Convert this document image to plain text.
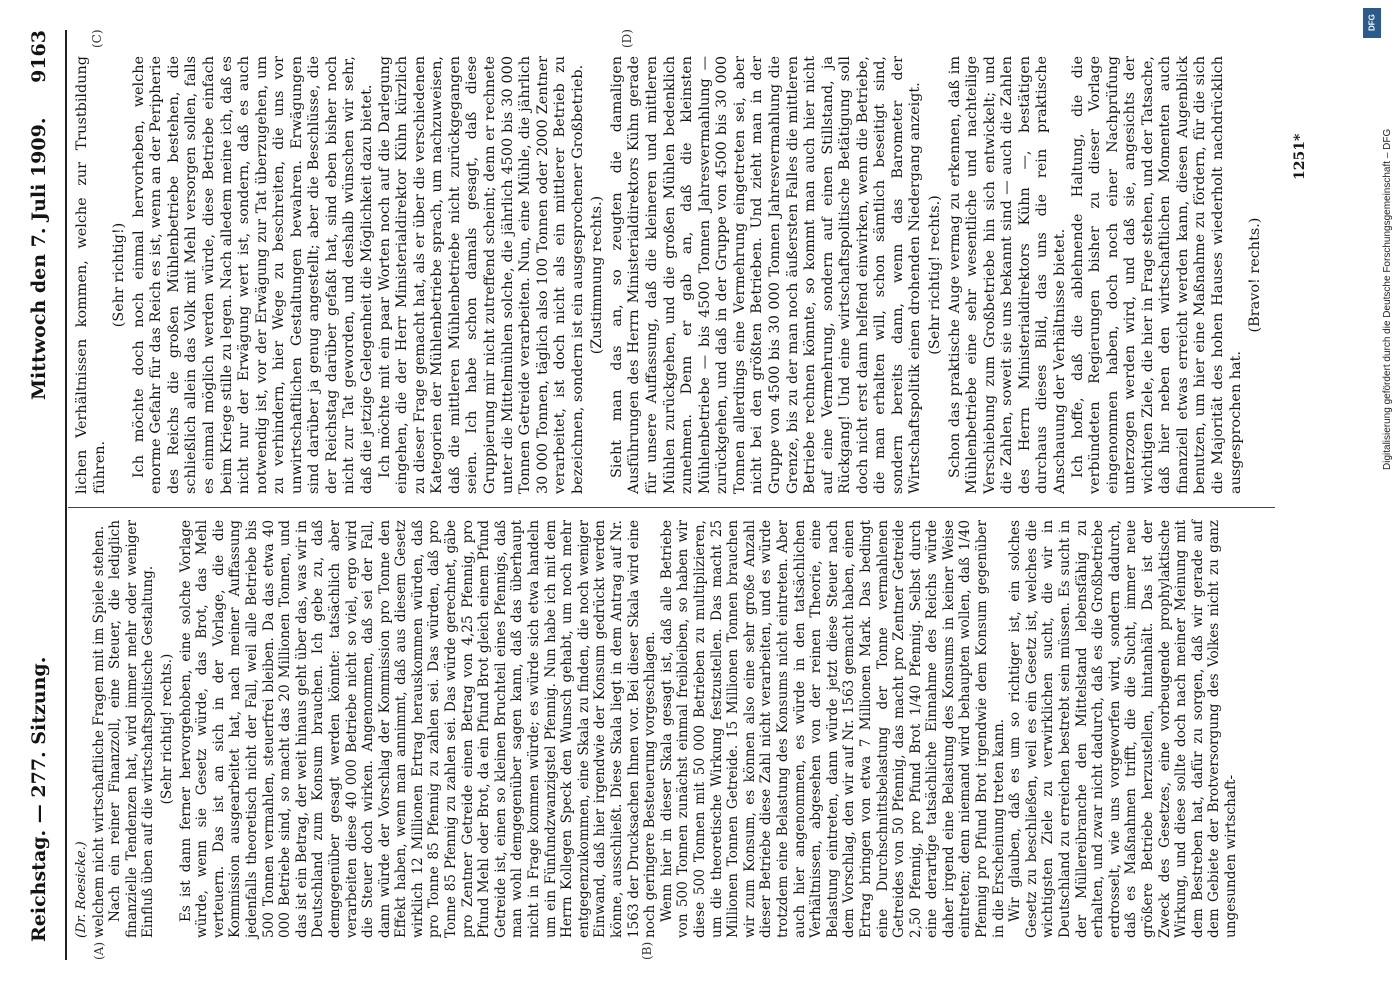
Reichstag. — 277. Sitzung.
Mittwoch den 7. Juli 1909.
9163
(A)	(B)
(C)	(D)

(Dr. Roesicke.) welchem nicht wirtschaftliche Fragen mit im Spiele stehen. Nach ein reiner Finanzzoll, eine Steuer, die lediglich finanzielle Tendenzen hat, wird immer mehr oder weniger Einfluß üben auf die wirtschaftspolitische Gestaltung. (Sehr richtig! rechts.) Es ist dann ferner hervorgehoben, eine solche Vorlage würde, wenn sie Gesetz würde, das Brot, das Mehl verteuern. Das ist an sich in der Vorlage, die die Kommission ausgearbeitet hat, nach meiner Auffassung jedenfalls theoretisch nicht der Fall, weil alle Betriebe bis 500 Tonnen vermahlen, steuerfrei bleiben. Da das etwa 40 000 Betriebe sind, so macht das 20 Millionen Tonnen, und das ist ein Betrag, der weit hinaus geht über das, was wir in Deutschland zum Konsum brauchen. Ich gebe zu, daß demgegenüber gesagt werden könnte: tatsächlich aber verarbeiten diese 40 000 Betriebe nicht so viel, ergo wird die Steuer doch wirken. Angenommen, daß sei der Fall, dann würde der Vorschlag der Kommission pro Tonne den Effekt haben, wenn man annimmt, daß aus diesem Gesetz wirklich 12 Millionen Ertrag herauskommen würden, daß pro Tonne 85 Pfennig zu zahlen sei. Das würden, daß pro Tonne 85 Pfennig zu zahlen sei. Das würde gerechnet, gäbe pro Zentner Getreide einen Betrag von 4,25 Pfennig, pro Pfund Mehl oder Brot, da ein Pfund Brot gleich einem Pfund Getreide ist, einen so kleinen Bruchteil eines Pfennigs, daß man wohl demgegenüber sagen kann, daß das überhaupt nicht in Frage kommen würde; es würde sich etwa handeln um ein Fünfundzwanzigstel Pfennig. Nun habe ich mit dem Herrn Kollegen Speck den Wunsch gehabt, um noch mehr entgegenzukommen, eine Skala zu finden, die noch weniger Einwand, daß hier irgendwie der Konsum gedrückt werden könne, ausschließt. Diese Skala liegt in dem Antrag auf Nr. 1563 der Drucksachen Ihnen vor. Bei dieser Skala wird eine noch geringere Besteuerung vorgeschlagen. Wenn hier in dieser Skala gesagt ist, daß alle Betriebe von 500 Tonnen zunächst einmal freibleiben, so haben wir diese 500 Tonnen mit 50 000 Betrieben zu multiplizieren, um die theoretische Wirkung festzustellen. Das macht 25 Millionen Tonnen Getreide. 15 Millionen Tonnen brauchen wir zum Konsum, es können also eine sehr große Anzahl dieser Betriebe diese Zahl nicht verarbeiten, und es würde trotzdem eine Belastung des Konsums nicht eintreten. Aber auch hier angenommen, es würde in den tatsächlichen Verhältnissen, abgesehen von der reinen Theorie, eine Belastung eintreten, dann würde jetzt diese Steuer nach dem Vorschlag, den wir auf Nr. 1563 gemacht haben, einen Ertrag bringen von etwa 7 Millionen Mark. Das bedingt eine Durchschnittsbelastung der Tonne vermahlenen Getreides von 50 Pfennig, das macht pro Zentner Getreide 2,50 Pfennig, pro Pfund Brot 1/40 Pfennig. Selbst durch eine derartige tatsächliche Einnahme des Reichs würde daher irgend eine Belastung des Konsums in keiner Weise eintreten; denn niemand wird behaupten wollen, daß 1/40 Pfennig pro Pfund Brot irgendwie dem Konsum gegenüber in die Erscheinung treten kann. Wir glauben, daß es um so richtiger ist, ein solches Gesetz zu beschließen, weil es ein Gesetz ist, welches die wichtigsten Ziele zu verwirklichen sucht, die wir in Deutschland zu erreichen bestrebt sein müssen. Es sucht in der Müllereibranche den Mittelstand lebensfähig zu erhalten, und zwar nicht dadurch, daß es die Großbetriebe erdrosselt, wie uns vorgeworfen wird, sondern dadurch, daß es Maßnahmen trifft, die die Sucht, immer neue größere Betriebe herzustellen, hintanhält. Das ist der Zweck des Gesetzes, eine vorbeugende prophylaktische Wirkung, und diese sollte doch nach meiner Meinung mit dem Bestreben hat, dafür zu sorgen, daß wir gerade auf dem Gebiete der Brotversorgung des Volkes nicht zu ganz ungesunden wirtschaft-

lichen Verhältnissen kommen, welche zur Trustbildung führen.

(Sehr richtig!) Ich möchte doch noch einmal hervorheben, welche enorme Gefahr für das Reich es ist, wenn an der Peripherie des Reichs die großen Mühlenbetriebe bestehen, die schließlich allein das Volk mit Mehl versorgen sollen, falls es einmal möglich werden würde, diese Betriebe einfach beim Kriege stille zu legen. Nach alledem meine ich, daß es nicht nur der Erwägung wert ist, sondern, daß es auch notwendig ist, vor der Erwägung zur Tat überzugehen, um zu verhindern, hier Wege zu beschreiten, die uns vor unwirtschaftlichen Gestaltungen bewahren. Erwägungen sind darüber ja genug angestellt; aber die Beschlüsse, die der Reichstag darüber gefaßt hat, sind eben bisher noch nicht zur Tat geworden, und deshalb wünschen wir sehr, daß die jetzige Gelegenheit die Möglichkeit dazu bietet. Ich möchte mit ein paar Worten noch auf die Darlegung eingehen, die der Herr Ministerialdirektor Kühn kürzlich zu dieser Frage gemacht hat, als er über die verschiedenen Kategorien der Mühlenbetriebe sprach, um nachzuweisen, daß die mittleren Mühlenbetriebe nicht zurückgegangen seien. Ich habe schon damals gesagt, daß diese Gruppierung mir nicht zutreffend scheint; denn er rechnete unter die Mittelmühlen solche, die jährlich 4500 bis 30 000 Tonnen Getreide verarbeiten. Nun, eine Mühle, die jährlich 30 000 Tonnen, täglich also 100 Tonnen oder 2000 Zentner verarbeitet, ist doch nicht als ein mittlerer Betrieb zu bezeichnen, sondern ist ein ausgesprochener Großbetrieb. (Zustimmung rechts.) Sieht man das an, so zeugten die damaligen Ausführungen des Herrn Ministerialdirektors Kühn gerade für unsere Auffassung, daß die kleineren und mittleren Mühlen zurückgehen, und die großen Mühlen bedenklich zunehmen. Denn er gab an, daß die kleinsten Mühlenbetriebe — bis 4500 Tonnen Jahresvermahlung — zurückgehen, und daß in der Gruppe von 4500 bis 30 000 Tonnen allerdings eine Vermehrung eingetreten sei, aber nicht bei den größten Betrieben. Und zieht man in der Gruppe von 4500 bis 30 000 Tonnen Jahresvermahlung die Grenze, bis zu der man noch äußersten Falles die mittleren Betriebe rechnen könnte, so kommt man auch hier nicht auf eine Vermehrung, sondern auf einen Stillstand, ja Rückgang! Und eine wirtschaftspolitische Betätigung soll doch nicht erst dann helfend einwirken, wenn die Betriebe, die man erhalten will, schon sämtlich beseitigt sind, sondern bereits dann, wenn das Barometer der Wirtschaftspolitik einen drohenden Niedergang anzeigt. (Sehr richtig! rechts.) Schon das praktische Auge vermag zu erkennen, daß im Mühlenbetriebe eine sehr wesentliche und nachteilige Verschiebung zum Großbetriebe hin sich entwickelt; und die Zahlen, soweit sie uns bekannt sind — auch die Zahlen des Herrn Ministerialdirektors Kühn —, bestätigen durchaus dieses Bild, das uns die rein praktische Anschauung der Verhältnisse bietet. Ich hoffe, daß die ablehnende Haltung, die die verbündeten Regierungen bisher zu dieser Vorlage eingenommen haben, doch noch einer Nachprüfung unterzogen werden wird, und daß sie, angesichts der wichtigen Ziele, die hier in Frage stehen, und der Tatsache, daß hier neben den wirtschaftlichen Momenten auch finanziell etwas erreicht werden kann, diesen Augenblick benutzen, um hier eine Maßnahme zu fördern, für die sich die Majorität des hohen Hauses wiederholt nachdrücklich ausgesprochen hat.

(Bravo! rechts.)

1251*
DFG
Digitalisierung gefördert durch die Deutsche Forschungsgemeinschaft – DFG
